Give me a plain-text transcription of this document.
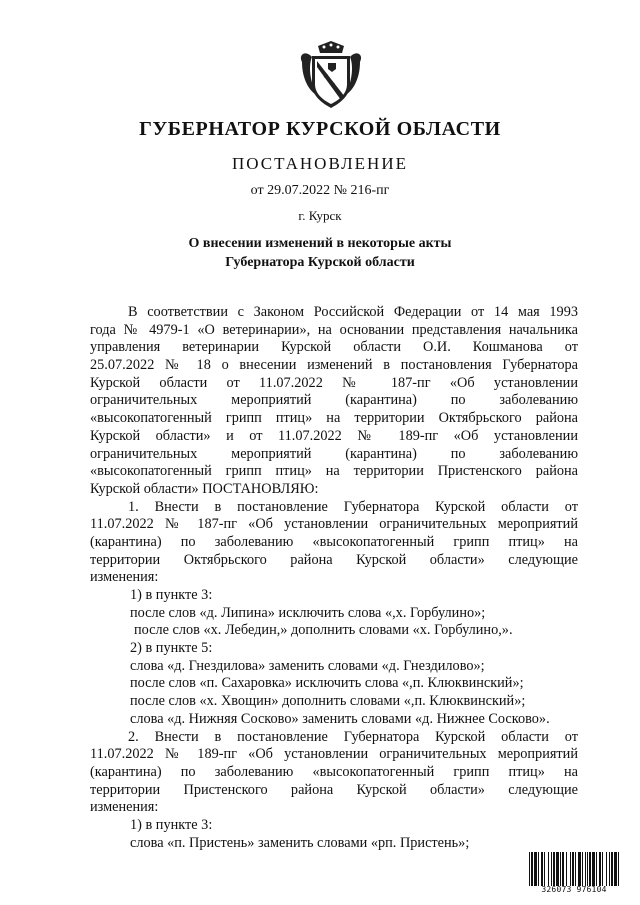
ГУБЕРНАТОР КУРСКОЙ ОБЛАСТИ
ПОСТАНОВЛЕНИЕ
от 29.07.2022 № 216-пг
г. Курск
О внесении изменений в некоторые акты
Губернатора Курской области
В соответствии с Законом Российской Федерации от 14 мая 1993
года № 4979-1 «О ветеринарии», на основании представления начальника
управления ветеринарии Курской области О.И. Кошманова от
25.07.2022 № 18 о внесении изменений в постановления Губернатора
Курской области от 11.07.2022 № 187-пг «Об установлении
ограничительных мероприятий (карантина) по заболеванию
«высокопатогенный грипп птиц» на территории Октябрьского района
Курской области» и от 11.07.2022 № 189-пг «Об установлении
ограничительных мероприятий (карантина) по заболеванию
«высокопатогенный грипп птиц» на территории Пристенского района
Курской области» ПОСТАНОВЛЯЮ:
1. Внести в постановление Губернатора Курской области от
11.07.2022 № 187-пг «Об установлении ограничительных мероприятий
(карантина) по заболеванию «высокопатогенный грипп птиц» на
территории Октябрьского района Курской области» следующие
изменения:
1) в пункте 3:
после слов «д. Липина» исключить слова «,х. Горбулино»;
после слов «х. Лебедин,» дополнить словами «х. Горбулино,».
2) в пункте 5:
слова «д. Гнездилова» заменить словами «д. Гнездилово»;
после слов «п. Сахаровка» исключить слова «,п. Клюквинский»;
после слов «х. Хвощин» дополнить словами «,п. Клюквинский»;
слова «д. Нижняя Сосково» заменить словами «д. Нижнее Сосково».
2. Внести в постановление Губернатора Курской области от
11.07.2022 № 189-пг «Об установлении ограничительных мероприятий
(карантина) по заболеванию «высокопатогенный грипп птиц» на
территории Пристенского района Курской области» следующие
изменения:
1) в пункте 3:
слова «п. Пристень» заменить словами «рп. Пристень»;
326073 976104
